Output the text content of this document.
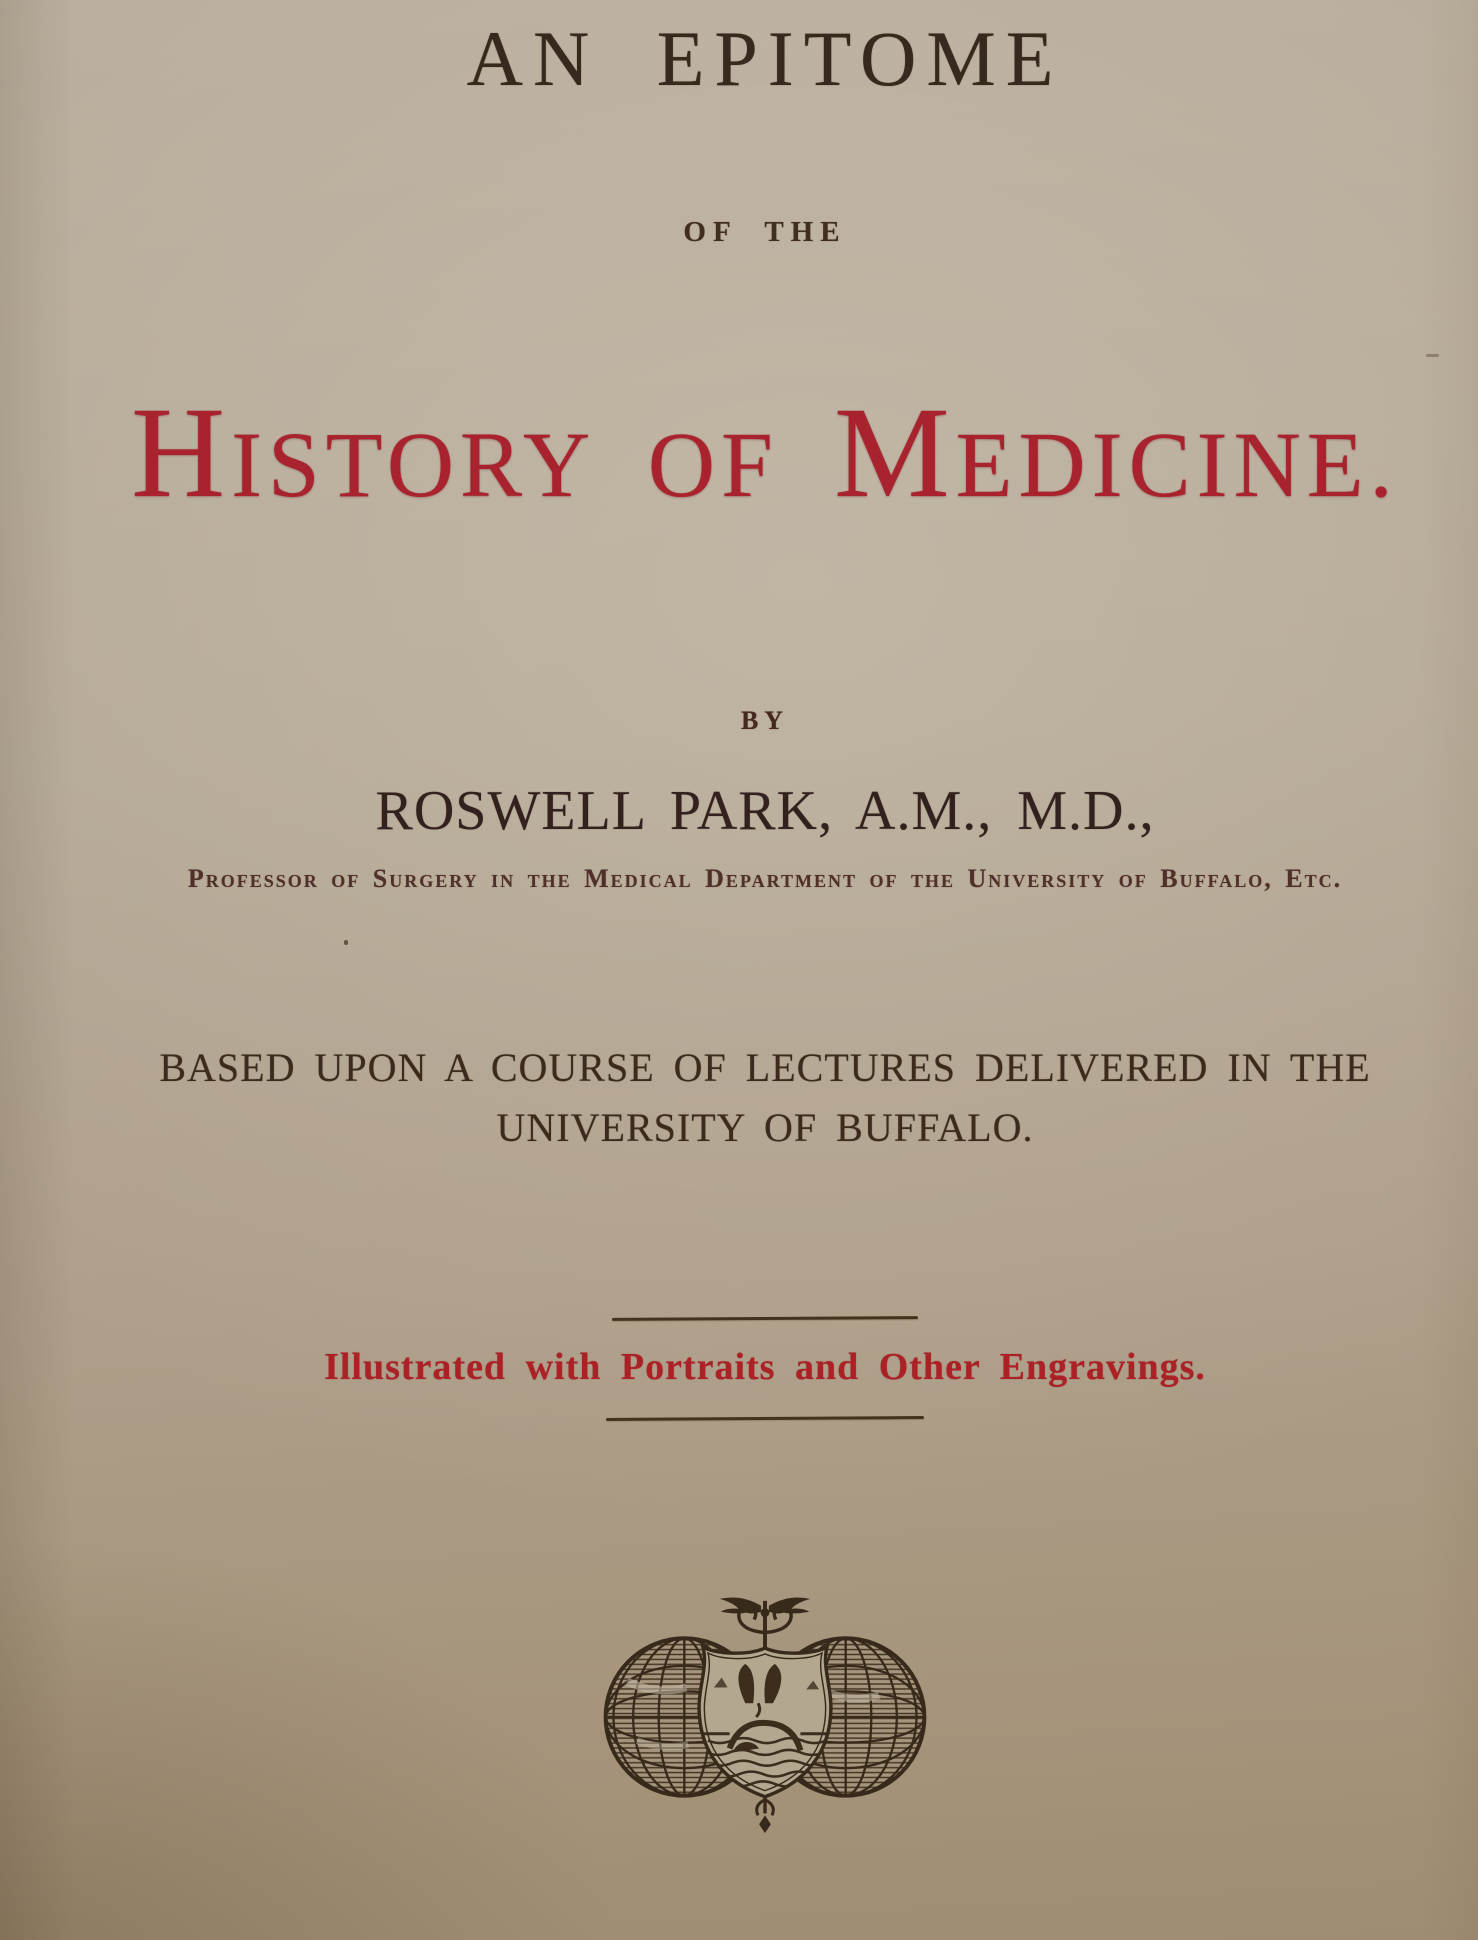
AN EPITOME
OF THE
HISTORY OF MEDICINE.
BY
ROSWELL PARK, A.M., M.D.,
Professor of Surgery in the Medical Department of the University of Buffalo, Etc.
BASED UPON A COURSE OF LECTURES DELIVERED IN THE
UNIVERSITY OF BUFFALO.
Illustrated with Portraits and Other Engravings.
